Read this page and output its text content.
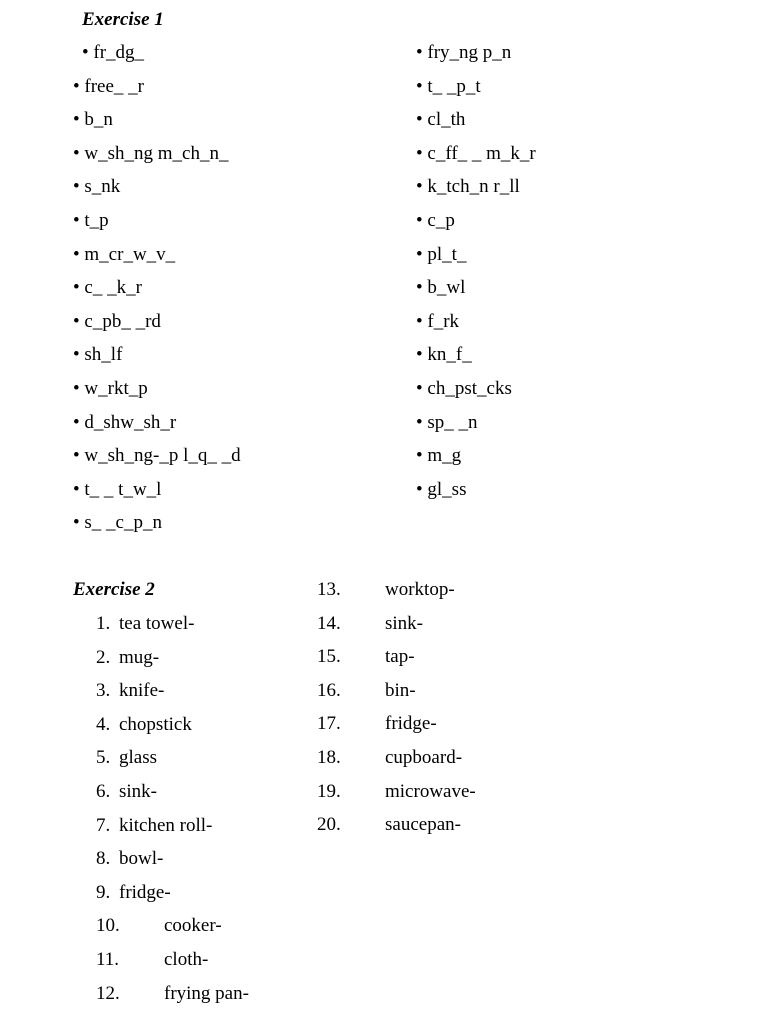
Exercise 1
Exercise 2
• fr_dg_
• free_ _r
• b_n
• w_sh_ng m_ch_n_
• s_nk
• t_p
• m_cr_w_v_
• c_ _k_r
• c_pb_ _rd
• sh_lf
• w_rkt_p
• d_shw_sh_r
• w_sh_ng-_p l_q_ _d
• t_ _ t_w_l
• s_ _c_p_n
• fry_ng p_n
• t_ _p_t
• cl_th
• c_ff_ _ m_k_r
• k_tch_n r_ll
• c_p
• pl_t_
• b_wl
• f_rk
• kn_f_
• ch_pst_cks
• sp_ _n
• m_g
• gl_ss
1. tea towel-
2. mug-
3. knife-
4. chopstick
5. glass
6. sink-
7. kitchen roll-
8. bowl-
9. fridge-
10. cooker-
11. cloth-
12. frying pan-
13. worktop-
14. sink-
15. tap-
16. bin-
17. fridge-
18. cupboard-
19. microwave-
20. saucepan-
